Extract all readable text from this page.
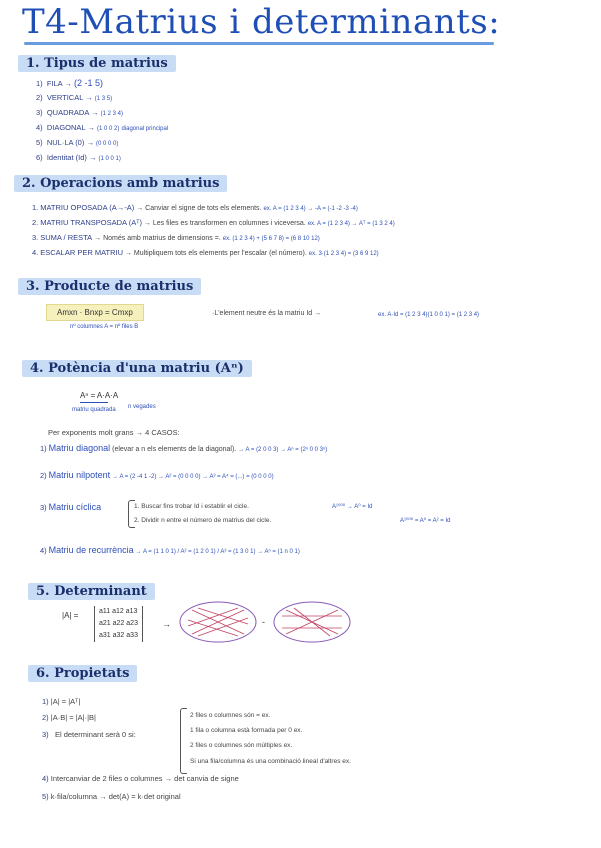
T4-Matrius i determinants:
1. Tipus de matrius
1) FILA → (2 -1 5)
2) VERTICAL → (1 3 5)
3) QUADRADA → (1 2 3 4)
4) DIAGONAL → (1 0 0 2) diagonal principal
5) NUL·LA (0) → (0 0 0 0)
6) Identitat (Id) → (1 0 0 1)
2. Operacions amb matrius
1. MATRIU OPOSADA (A→-A) → Canviar el signe de tots els elements. ex. A = (1 2 3 4) → -A = (-1 -2 -3 -4)
2. MATRIU TRANSPOSADA (Aᵀ) → Les files es transformen en columnes i viceversa. ex. A = (1 2 3 4) → Aᵀ = (1 3 2 4)
3. SUMA / RESTA → Només amb matrius de dimensions =. ex. (1 2 3 4) + (5 6 7 8) = (6 8 10 12)
4. ESCALAR PER MATRIU → Multipliquem tots els elements per l'escalar (el número). ex. 3·(1 2 3 4) = (3 6 9 12)
3. Producte de matrius
Amxn · Bnxp = Cmxp
nº columnes A = nº files B
·L'element neutre és la matriu Id →	ex. A·Id = (1 2 3 4)(1 0 0 1) = (1 2 3 4)
4. Potència d'una matriu (Aⁿ)
Aⁿ = A·A·A
n vegades
matriu quadrada
Per exponents molt grans → 4 CASOS:
1) Matriu diagonal (elevar a n els elements de la diagonal). → A = (2 0 0 3) → Aⁿ = (2ⁿ 0 0 3ⁿ)
2) Matriu nilpotent → A = (2 -4 1 -2) → A² = (0 0 0 0) → A³ = A⁴ = (...) = (0 0 0 0)
3) Matriu cíclica	1. Buscar fins trobar Id i establir el cicle.
2. Dividir n entre el número de matrius del cicle.
A¹⁰⁰⁰ → A⁰ = Id
A¹⁰⁰⁰ = A⁰ = A² = Id
4) Matriu de recurrència → A = (1 1 0 1) / A² = (1 2 0 1) / A³ = (1 3 0 1) → Aⁿ = (1 n 0 1)
5. Determinant
|A| =	a11 a12 a13
a21 a22 a23
a31 a32 a33
→	-
6. Propietats
1) |A| = |Aᵀ|
2) |A·B| = |A|·|B|
3) El determinant serà 0 si:
2 files o columnes són = ex.
1 fila o columna està formada per 0 ex.
2 files o columnes són múltiples ex.
Si una fila/columna és una combinació lineal d'altres ex.
4) Intercanviar de 2 files o columnes → det canvia de signe
5) k·fila/columna → det(A) = k·det original
